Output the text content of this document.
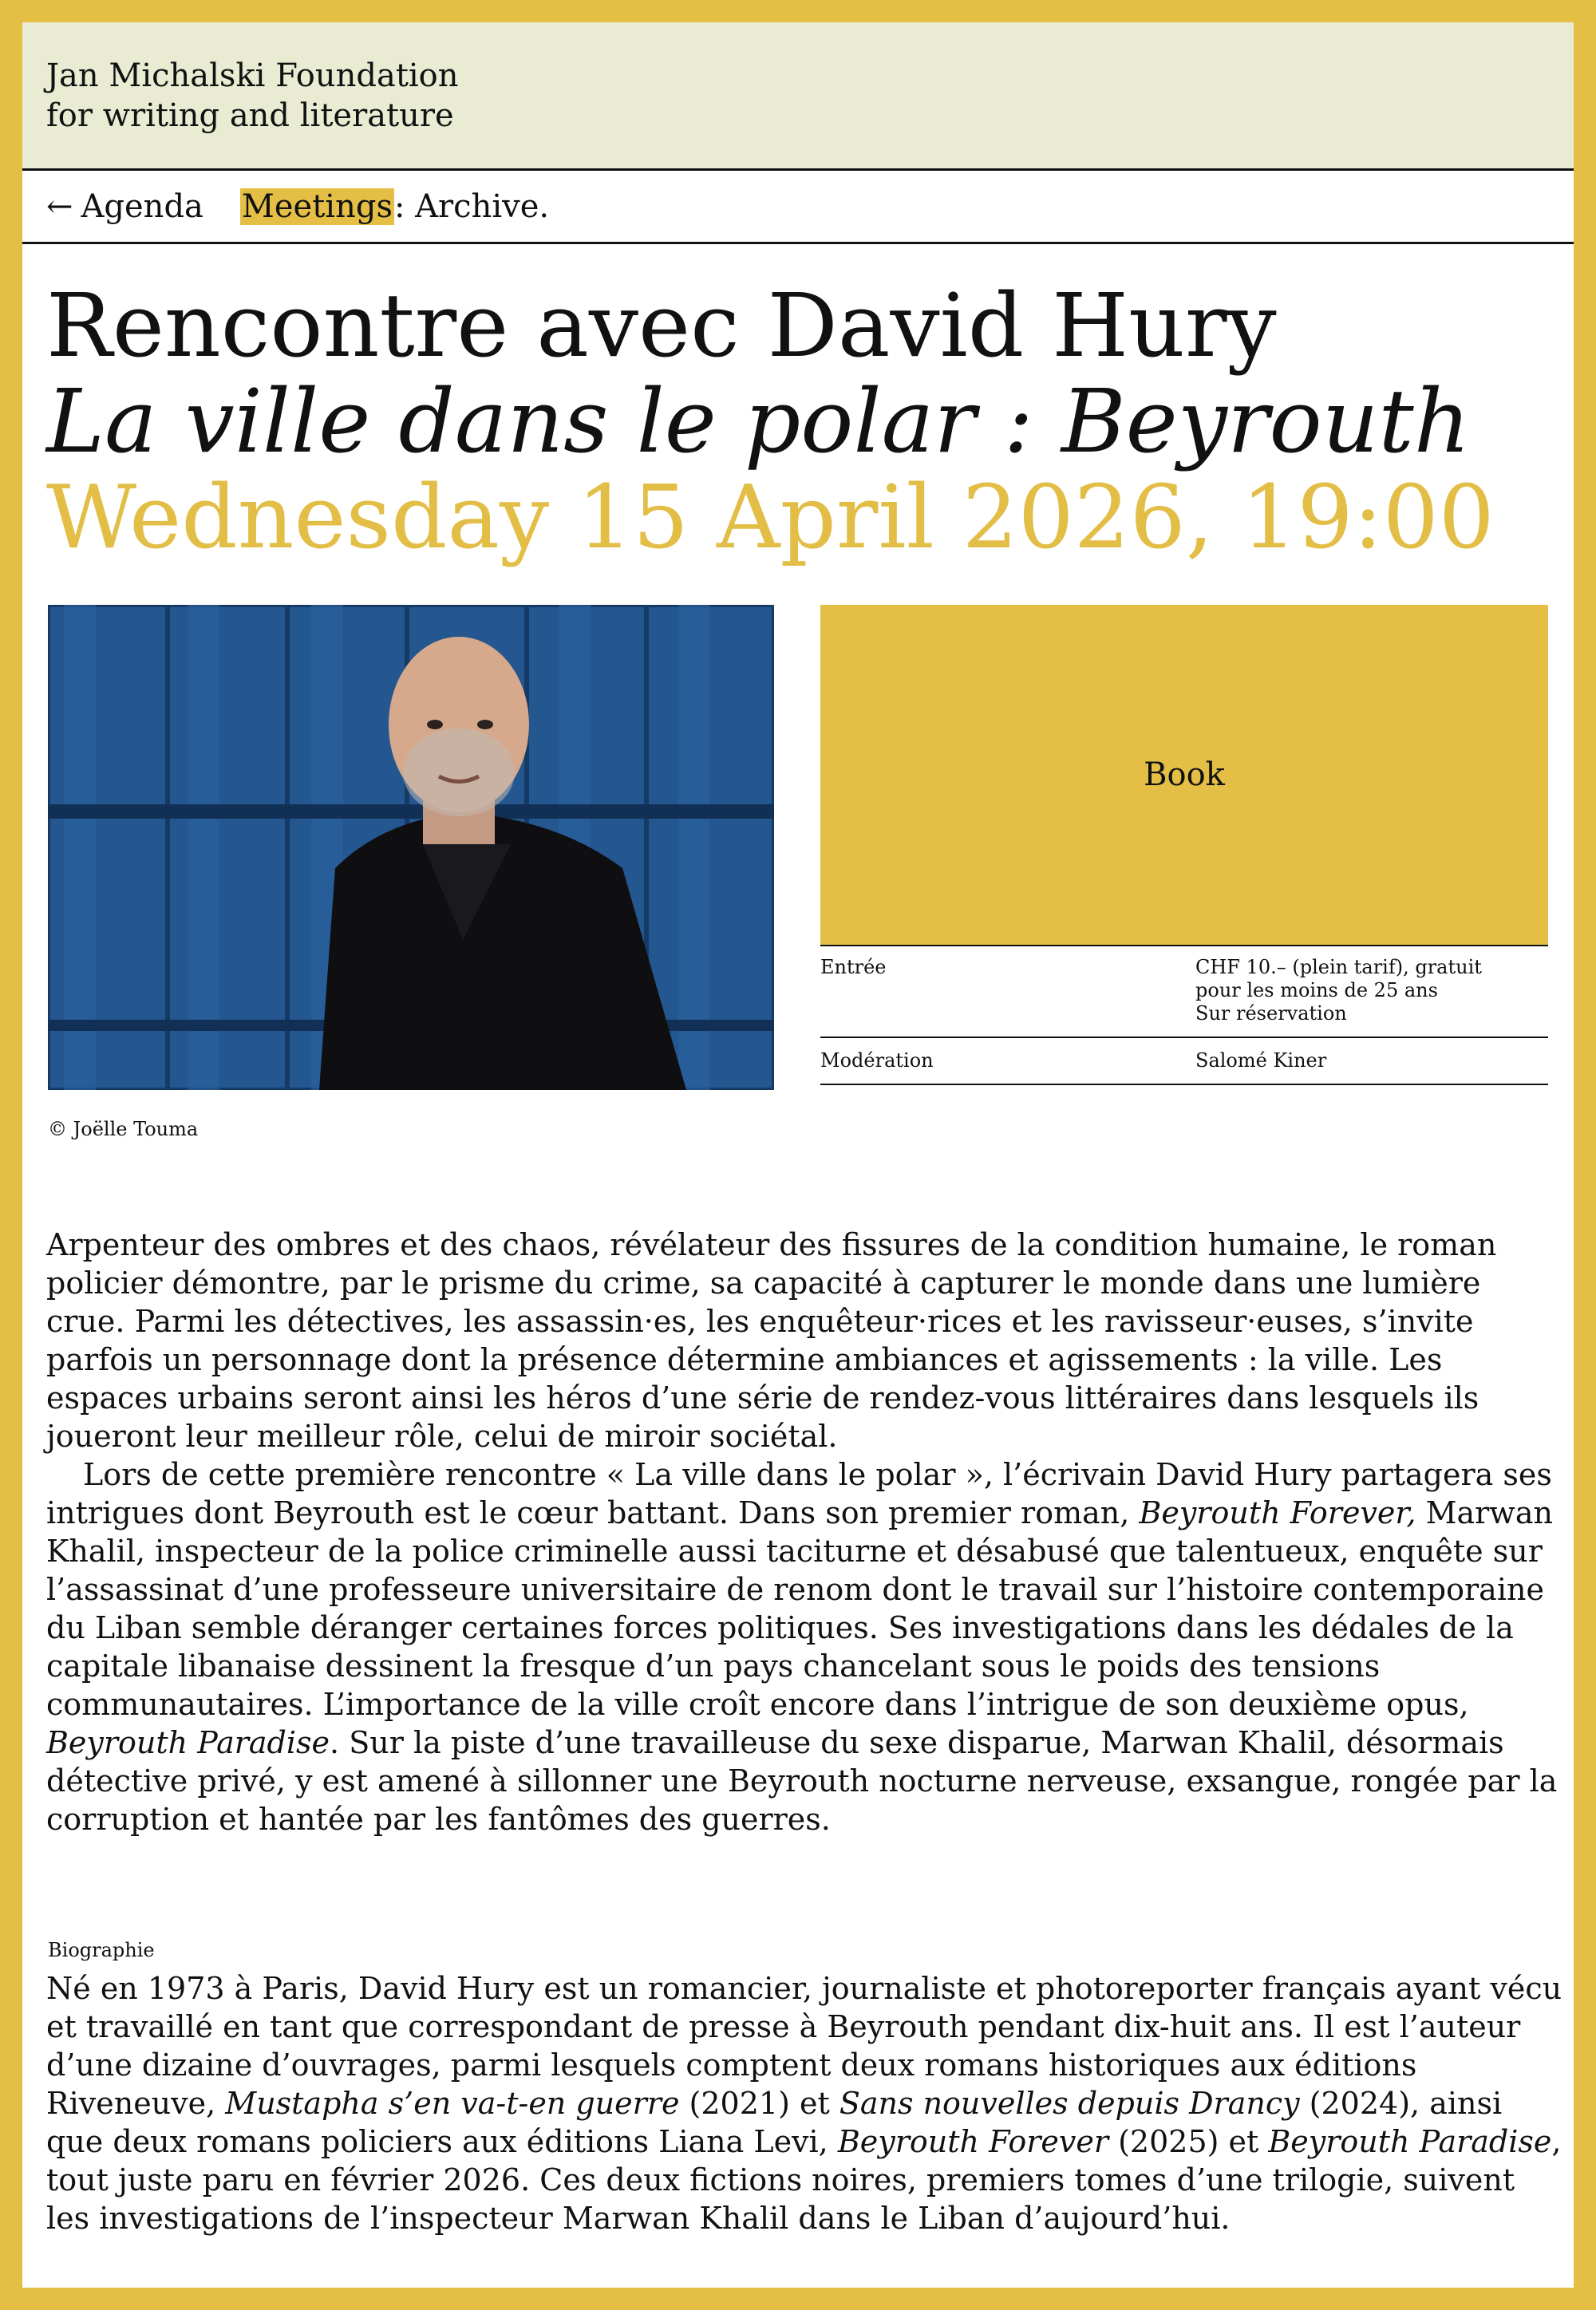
Jan Michalski Foundation
for writing and literature
← Agenda Meetings : Archive.
Rencontre avec David Hury
La ville dans le polar : Beyrouth
Wednesday 15 April 2026, 19:00
© Joëlle Touma
Book
Entrée	CHF 10.– (plein tarif), gratuit
pour les moins de 25 ans
Sur réservation
Modération	Salomé Kiner

Arpenteur des ombres et des chaos, révélateur des fissures de la condition humaine, le roman policier démontre, par le prisme du crime, sa capacité à capturer le monde dans une lumière crue. Parmi les détectives, les assassin·es, les enquêteur·rices et les ravisseur·euses, s’invite parfois un personnage dont la présence détermine ambiances et agissements : la ville. Les espaces urbains seront ainsi les héros d’une série de rendez-vous littéraires dans lesquels ils joueront leur meilleur rôle, celui de miroir sociétal.

Lors de cette première rencontre « La ville dans le polar », l’écrivain David Hury partagera ses intrigues dont Beyrouth est le cœur battant. Dans son premier roman, Beyrouth Forever, Marwan Khalil, inspecteur de la police criminelle aussi taciturne et désabusé que talentueux, enquête sur l’assassinat d’une professeure universitaire de renom dont le travail sur l’histoire contemporaine du Liban semble déranger certaines forces politiques. Ses investigations dans les dédales de la capitale libanaise dessinent la fresque d’un pays chancelant sous le poids des tensions communautaires. L’importance de la ville croît encore dans l’intrigue de son deuxième opus, Beyrouth Paradise. Sur la piste d’une travailleuse du sexe disparue, Marwan Khalil, désormais détective privé, y est amené à sillonner une Beyrouth nocturne nerveuse, exsangue, rongée par la corruption et hantée par les fantômes des guerres.

Biographie
Né en 1973 à Paris, David Hury est un romancier, journaliste et photoreporter français ayant vécu et travaillé en tant que correspondant de presse à Beyrouth pendant dix-huit ans. Il est l’auteur d’une dizaine d’ouvrages, parmi lesquels comptent deux romans historiques aux éditions Riveneuve, Mustapha s’en va-t-en guerre (2021) et Sans nouvelles depuis Drancy (2024), ainsi que deux romans policiers aux éditions Liana Levi, Beyrouth Forever (2025) et Beyrouth Paradise, tout juste paru en février 2026. Ces deux fictions noires, premiers tomes d’une trilogie, suivent les investigations de l’inspecteur Marwan Khalil dans le Liban d’aujourd’hui.
